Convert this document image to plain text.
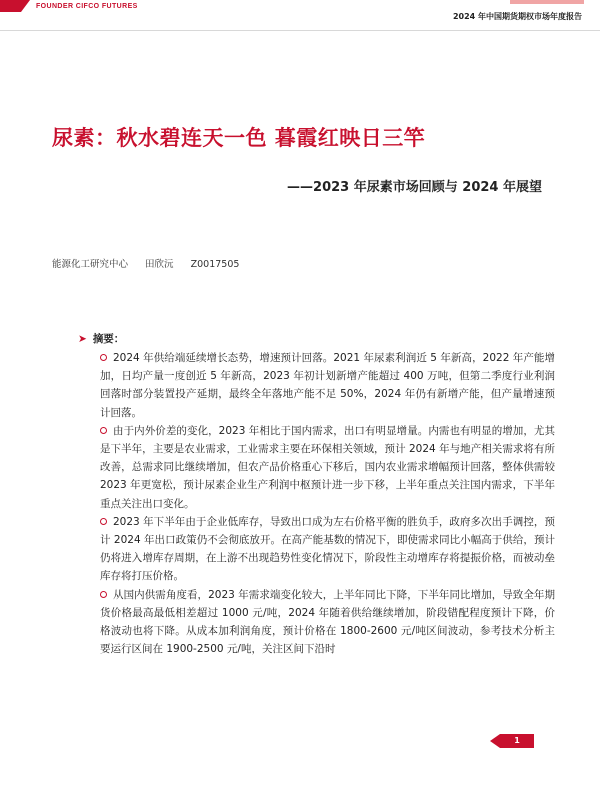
FOUNDER CIFCO FUTURES
2024 年中国期货期权市场年度报告
尿素：秋水碧连天一色 暮霞红映日三竿
——2023 年尿素市场回顾与 2024 年展望
能源化工研究中心 田欣沅 Z0017505
➤ 摘要：

2024 年供给端延续增长态势，增速预计回落。2021 年尿素利润近 5 年新高，2022 年产能增加，日均产量一度创近 5 年新高，2023 年初计划新增产能超过 400 万吨，但第二季度行业利润回落时部分装置投产延期，最终全年落地产能不足 50%，2024 年仍有新增产能，但产量增速预计回落。

由于内外价差的变化，2023 年相比于国内需求，出口有明显增量。内需也有明显的增加，尤其是下半年，主要是农业需求，工业需求主要在环保相关领域，预计 2024 年与地产相关需求将有所改善，总需求同比继续增加，但农产品价格重心下移后，国内农业需求增幅预计回落，整体供需较 2023 年更宽松，预计尿素企业生产利润中枢预计进一步下移，上半年重点关注国内需求，下半年重点关注出口变化。

2023 年下半年由于企业低库存，导致出口成为左右价格平衡的胜负手，政府多次出手调控，预计 2024 年出口政策仍不会彻底放开。在高产能基数的情况下，即使需求同比小幅高于供给，预计仍将进入增库存周期，在上游不出现趋势性变化情况下，阶段性主动增库存将提振价格，而被动垒库存将打压价格。

从国内供需角度看，2023 年需求端变化较大，上半年同比下降，下半年同比增加，导致全年期货价格最高最低相差超过 1000 元/吨，2024 年随着供给继续增加，阶段错配程度预计下降，价格波动也将下降。从成本加利润角度，预计价格在 1800-2600 元/吨区间波动，参考技术分析主要运行区间在 1900-2500 元/吨，关注区间下沿时

1
